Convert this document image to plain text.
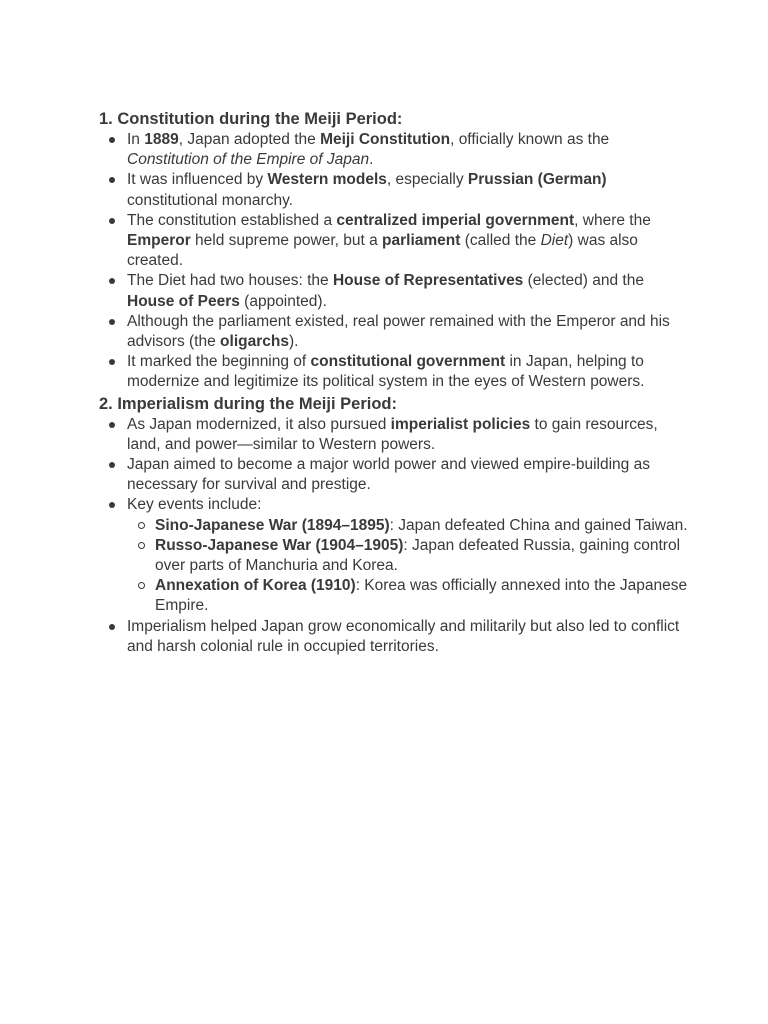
1. Constitution during the Meiji Period:
In 1889, Japan adopted the Meiji Constitution, officially known as the Constitution of the Empire of Japan.
It was influenced by Western models, especially Prussian (German) constitutional monarchy.
The constitution established a centralized imperial government, where the Emperor held supreme power, but a parliament (called the Diet) was also created.
The Diet had two houses: the House of Representatives (elected) and the House of Peers (appointed).
Although the parliament existed, real power remained with the Emperor and his advisors (the oligarchs).
It marked the beginning of constitutional government in Japan, helping to modernize and legitimize its political system in the eyes of Western powers.
2. Imperialism during the Meiji Period:
As Japan modernized, it also pursued imperialist policies to gain resources, land, and power—similar to Western powers.
Japan aimed to become a major world power and viewed empire-building as necessary for survival and prestige.
Key events include:
Sino-Japanese War (1894–1895): Japan defeated China and gained Taiwan.
Russo-Japanese War (1904–1905): Japan defeated Russia, gaining control over parts of Manchuria and Korea.
Annexation of Korea (1910): Korea was officially annexed into the Japanese Empire.
Imperialism helped Japan grow economically and militarily but also led to conflict and harsh colonial rule in occupied territories.
